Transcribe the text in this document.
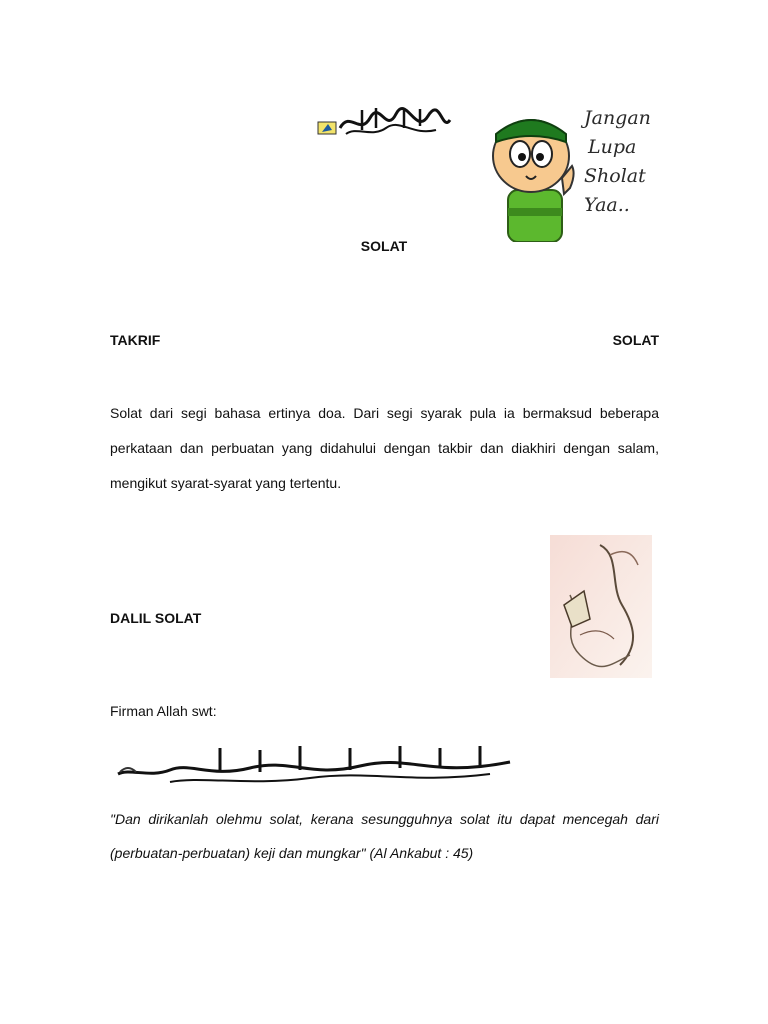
Jangan
Lupa
Sholat
Yaa..
SOLAT
TAKRIF	SOLAT
Solat dari segi bahasa ertinya doa. Dari segi syarak pula ia bermaksud beberapa perkataan dan perbuatan yang didahului dengan takbir dan diakhiri dengan salam, mengikut syarat-syarat yang tertentu.
DALIL SOLAT
Firman Allah swt:
"Dan dirikanlah olehmu solat, kerana sesungguhnya solat itu dapat mencegah dari (perbuatan-perbuatan) keji dan mungkar" (Al Ankabut : 45)
